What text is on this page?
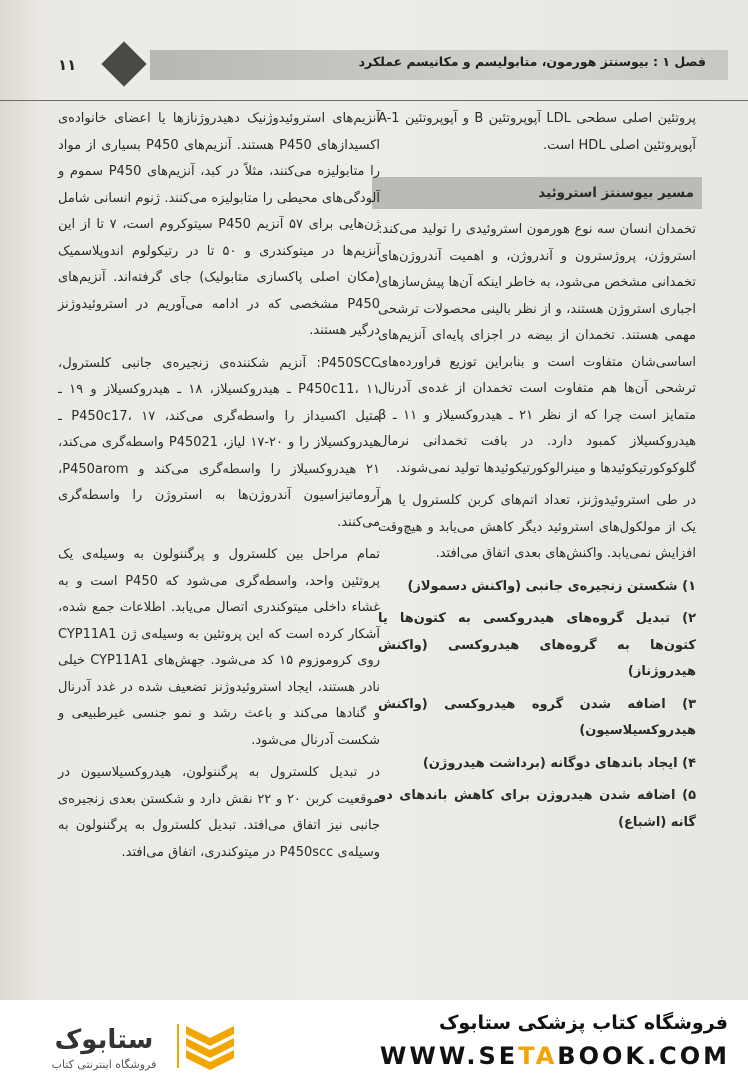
۱۱	فصل ۱ : بیوسنتز هورمون، متابولیسم و مکانیسم عملکرد

پروتئین اصلی سطحی LDL آپوپروتئین B و آپوپروتئین A-1 آپوپروتئین اصلی HDL است.

مسیر بیوسنتز استروئید

تخمدان انسان سه نوع هورمون استروئیدی را تولید می‌کند: استروژن، پروژسترون و آندروژن، و اهمیت آندروژن‌های تخمدانی مشخص می‌شود، به خاطر اینکه آن‌ها پیش‌سازهای اجباری استروژن هستند، و از نظر بالینی محصولات ترشحی مهمی هستند. تخمدان از بیضه در اجزای پایه‌ای آنزیم‌های اساسی‌شان متفاوت است و بنابراین توزیع فراورده‌های ترشحی آن‌ها هم متفاوت است تخمدان از غده‌ی آدرنال متمایز است چرا که از نظر ۲۱ ـ هیدروکسیلاز و ۱۱ ـ β هیدروکسیلاز کمبود دارد. در بافت تخمدانی نرمال گلوکوکورتیکوئیدها و مینرالوکورتیکوئیدها تولید نمی‌شوند.

در طی استروئیدوژنز، تعداد اتم‌های کربن کلسترول یا هر یک از مولکول‌های استروئید دیگر کاهش می‌یابد و هیچ‌وقت افزایش نمی‌یابد. واکنش‌های بعدی اتفاق می‌افتد.

۱) شکستن زنجیره‌ی جانبی (واکنش دسمولاز)
۲) تبدیل گروه‌های هیدروکسی به کتون‌ها یا کتون‌ها به گروه‌های هیدروکسی (واکنش هیدروژناز)
۳) اضافه شدن گروه هیدروکسی (واکنش هیدروکسیلاسیون)
۴) ایجاد باندهای دوگانه (برداشت هیدروژن)
۵) اضافه شدن هیدروژن برای کاهش باندهای دو گانه (اشباع)

آنزیم‌های استروئیدوژنیک دهیدروژنازها یا اعضای خانواده‌ی اکسیدازهای P450 هستند. آنزیم‌های P450 بسیاری از مواد را متابولیزه می‌کنند، مثلاً در کبد، آنزیم‌های P450 سموم و آلودگی‌های محیطی را متابولیزه می‌کنند. ژنوم انسانی شامل ژن‌هایی برای ۵۷ آنزیم P450 سیتوکروم است، ۷ تا از این آنزیم‌ها در میتوکندری و ۵۰ تا در رتیکولوم اندوپلاسمیک (مکان اصلی پاکسازی متابولیک) جای گرفته‌اند. آنزیم‌های P450 مشخصی که در ادامه می‌آوریم در استروئیدوژنز درگیر هستند.

P450SCC: آنزیم شکننده‌ی زنجیره‌ی جانبی کلسترول، P450c11، ۱۱ ـ هیدروکسیلاز، ۱۸ ـ هیدروکسیلاز و ۱۹ ـ متیل اکسیداز را واسطه‌گری می‌کند، P450c17، ۱۷ ـ هیدروکسیلاز را و ۲۰-۱۷ لیاز، P45021 واسطه‌گری می‌کند، ۲۱ هیدروکسیلاز را واسطه‌گری می‌کند و P450arom، آروماتیزاسیون آندروژن‌ها به استروژن را واسطه‌گری می‌کنند.

تمام مراحل بین کلسترول و پرگننولون به وسیله‌ی یک پروتئین واحد، واسطه‌گری می‌شود که P450 است و به غشاء داخلی میتوکندری اتصال می‌یابد. اطلاعات جمع شده، آشکار کرده است که این پروتئین به وسیله‌ی ژن CYP11A1 روی کروموزوم ۱۵ کد می‌شود. جهش‌های CYP11A1 خیلی نادر هستند، ایجاد استروئیدوژنز تضعیف شده در غدد آدرنال و گنادها می‌کند و باعث رشد و نمو جنسی غیرطبیعی و شکست آدرنال می‌شود.

در تبدیل کلسترول به پرگننولون، هیدروکسیلاسیون در موقعیت کربن ۲۰ و ۲۲ نقش دارد و شکستن بعدی زنجیره‌ی جانبی نیز اتفاق می‌افتد. تبدیل کلسترول به پرگننولون به وسیله‌ی P450scc در میتوکندری، اتفاق می‌افتد.

ستابوک
فروشگاه اینترنتی کتاب
فروشگاه کتاب پزشکی ستابوک
WWW.SETABOOK.COM
